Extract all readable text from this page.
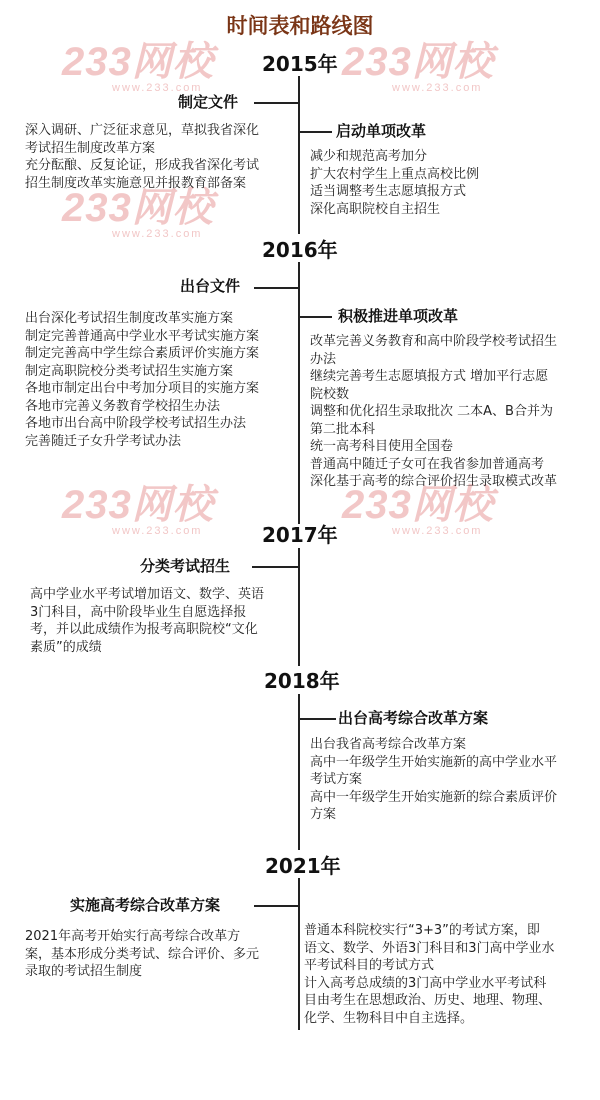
时间表和路线图
233网校
www.233.com
233网校
www.233.com
233网校
www.233.com
233网校
www.233.com
233网校
www.233.com
2015年
制定文件
深入调研、广泛征求意见，草拟我省深化
考试招生制度改革方案
充分酝酿、反复论证，形成我省深化考试
招生制度改革实施意见并报教育部备案
启动单项改革
减少和规范高考加分
扩大农村学生上重点高校比例
适当调整考生志愿填报方式
深化高职院校自主招生
2016年
出台文件
出台深化考试招生制度改革实施方案
制定完善普通高中学业水平考试实施方案
制定完善高中学生综合素质评价实施方案
制定高职院校分类考试招生实施方案
各地市制定出台中考加分项目的实施方案
各地市完善义务教育学校招生办法
各地市出台高中阶段学校考试招生办法
完善随迁子女升学考试办法
积极推进单项改革
改革完善义务教育和高中阶段学校考试招生
办法
继续完善考生志愿填报方式 增加平行志愿
院校数
调整和优化招生录取批次 二本A、B合并为
第二批本科
统一高考科目使用全国卷
普通高中随迁子女可在我省参加普通高考
深化基于高考的综合评价招生录取模式改革
2017年
分类考试招生
高中学业水平考试增加语文、数学、英语
3门科目，高中阶段毕业生自愿选择报
考，并以此成绩作为报考高职院校“文化
素质”的成绩
2018年
出台高考综合改革方案
出台我省高考综合改革方案
高中一年级学生开始实施新的高中学业水平
考试方案
高中一年级学生开始实施新的综合素质评价
方案
2021年
实施高考综合改革方案
2021年高考开始实行高考综合改革方
案，基本形成分类考试、综合评价、多元
录取的考试招生制度
普通本科院校实行“3+3”的考试方案，即
语文、数学、外语3门科目和3门高中学业水
平考试科目的考试方式
计入高考总成绩的3门高中学业水平考试科
目由考生在思想政治、历史、地理、物理、
化学、生物科目中自主选择。
